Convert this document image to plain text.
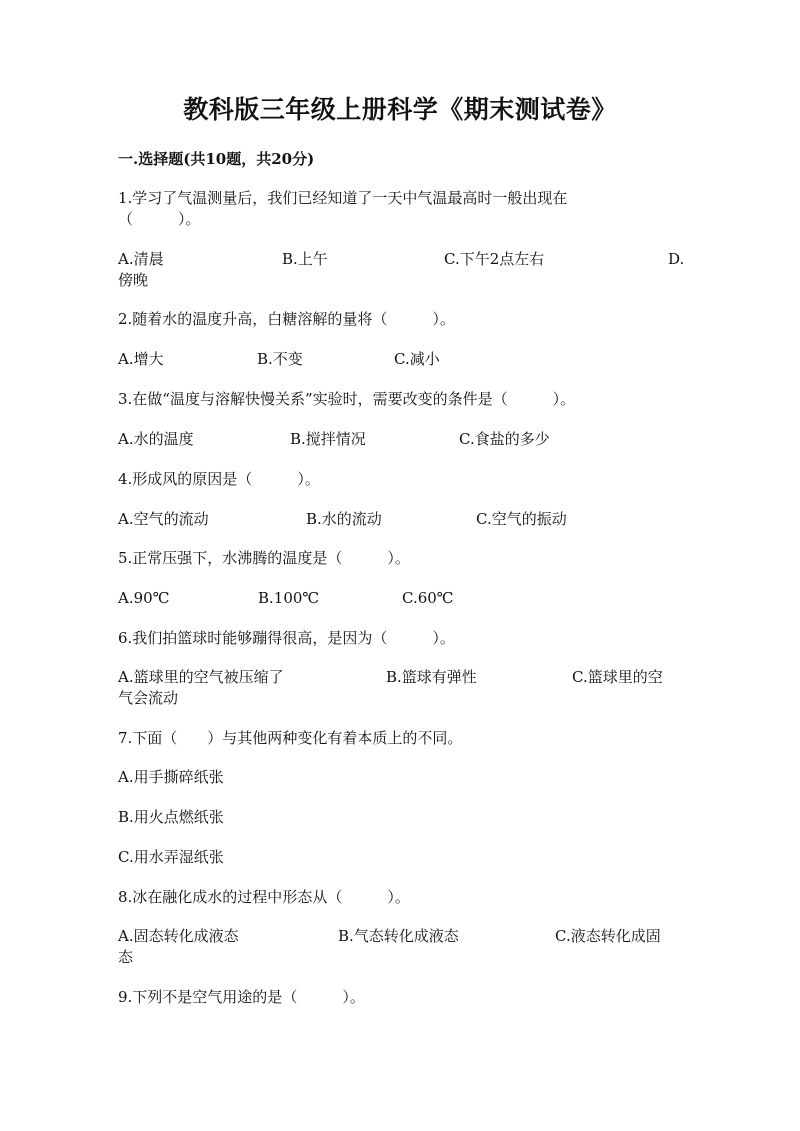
教科版三年级上册科学《期末测试卷》
一.选择题(共10题，共20分)
1.学习了气温测量后，我们已经知道了一天中气温最高时一般出现在
（　　　）。
A.清晨	B.上午	C.下午2点左右	D.
傍晚
2.随着水的温度升高，白糖溶解的量将（　　　）。
A.增大	B.不变	C.减小
3.在做“温度与溶解快慢关系”实验时，需要改变的条件是（　　　）。
A.水的温度	B.搅拌情况	C.食盐的多少
4.形成风的原因是（　　　）。
A.空气的流动	B.水的流动	C.空气的振动
5.正常压强下，水沸腾的温度是（　　　）。
A.90℃	B.100℃	C.60℃
6.我们拍篮球时能够蹦得很高，是因为（　　　）。
A.篮球里的空气被压缩了	B.篮球有弹性	C.篮球里的空
气会流动
7.下面（　　）与其他两种变化有着本质上的不同。
A.用手撕碎纸张
B.用火点燃纸张
C.用水弄湿纸张
8.冰在融化成水的过程中形态从（　　　）。
A.固态转化成液态	B.气态转化成液态	C.液态转化成固
态
9.下列不是空气用途的是（　　　）。
